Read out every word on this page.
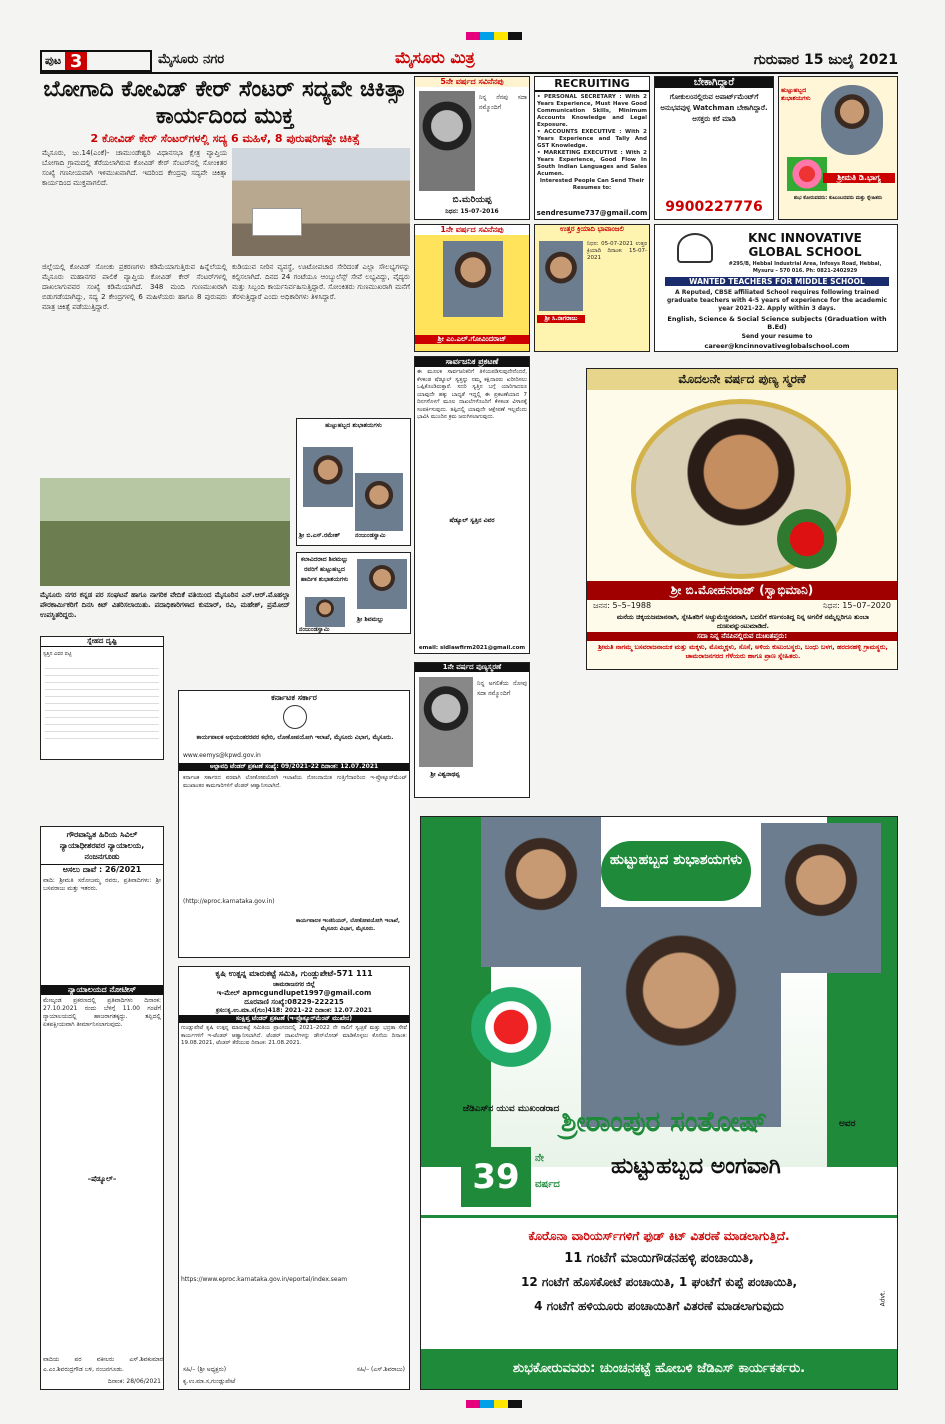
ಪುಟ 3	ಮೈಸೂರು ನಗರ	ಮೈಸೂರು ಮಿತ್ರ	ಗುರುವಾರ 15 ಜುಲೈ 2021
ಬೋಗಾದಿ ಕೋವಿಡ್ ಕೇರ್ ಸೆಂಟರ್ ಸದ್ಯವೇ ಚಿಕಿತ್ಸಾ ಕಾರ್ಯದಿಂದ ಮುಕ್ತ
2 ಕೋವಿಡ್ ಕೇರ್ ಸೆಂಟರ್‌ಗಳಲ್ಲಿ ಸದ್ಯ 6 ಮಹಿಳೆ, 8 ಪುರುಷರಿಗಷ್ಟೇ ಚಿಕಿತ್ಸೆ
ಮೈಸೂರು, ಜು.14(ಎಂಕೆ)- ಚಾಮುಂಡೇಶ್ವರಿ ವಿಧಾನಸಭಾ ಕ್ಷೇತ್ರ ವ್ಯಾಪ್ತಿಯ ಬೋಗಾದಿ ಗ್ರಾಮದಲ್ಲಿ ತೆರೆಯಲಾಗಿರುವ ಕೋವಿಡ್ ಕೇರ್ ಸೆಂಟರ್‌ನಲ್ಲಿ ಸೋಂಕಿತರ ಸಂಖ್ಯೆ ಗಣನೀಯವಾಗಿ ಇಳಿಮುಖವಾಗಿದೆ. ಇದರಿಂದ ಕೇಂದ್ರವು ಸದ್ಯವೇ ಚಿಕಿತ್ಸಾ ಕಾರ್ಯದಿಂದ ಮುಕ್ತವಾಗಲಿದೆ.
ಜಿಲ್ಲೆಯಲ್ಲಿ ಕೋವಿಡ್ ಸೋಂಕು ಪ್ರಕರಣಗಳು ಕಡಿಮೆಯಾಗುತ್ತಿರುವ ಹಿನ್ನೆಲೆಯಲ್ಲಿ ಮೈಸೂರು ಮಹಾನಗರ ಪಾಲಿಕೆ ವ್ಯಾಪ್ತಿಯ ಕೋವಿಡ್ ಕೇರ್ ಸೆಂಟರ್‌ಗಳಲ್ಲಿ ದಾಖಲಾಗುವವರ ಸಂಖ್ಯೆ ಕಡಿಮೆಯಾಗಿದೆ. 348 ಮಂದಿ ಗುಣಮುಖರಾಗಿ ಬಿಡುಗಡೆಯಾಗಿದ್ದು, ಸದ್ಯ 2 ಕೇಂದ್ರಗಳಲ್ಲಿ 6 ಮಹಿಳೆಯರು ಹಾಗೂ 8 ಪುರುಷರು ಮಾತ್ರ ಚಿಕಿತ್ಸೆ ಪಡೆಯುತ್ತಿದ್ದಾರೆ.
ಕುಡಿಯುವ ನೀರಿನ ವ್ಯವಸ್ಥೆ, ಊಟೋಪಚಾರ ಸೇರಿದಂತೆ ಎಲ್ಲಾ ಸೌಲಭ್ಯಗಳನ್ನು ಕಲ್ಪಿಸಲಾಗಿದೆ. ದಿನದ 24 ಗಂಟೆಯೂ ಆಂಬ್ಯುಲೆನ್ಸ್ ಸೇವೆ ಲಭ್ಯವಿದ್ದು, ವೈದ್ಯರು ಮತ್ತು ಸಿಬ್ಬಂದಿ ಕಾರ್ಯನಿರ್ವಹಿಸುತ್ತಿದ್ದಾರೆ. ಸೋಂಕಿತರು ಗುಣಮುಖರಾಗಿ ಮನೆಗೆ ತೆರಳುತ್ತಿದ್ದಾರೆ ಎಂದು ಅಧಿಕಾರಿಗಳು ತಿಳಿಸಿದ್ದಾರೆ.
ಮೈಸೂರು ನಗರ ಕನ್ನಡ ಪರ ಸಂಘಟನೆ ಹಾಗೂ ನಾಗರಿಕ ವೇದಿಕೆ ವತಿಯಿಂದ ಮೈಸೂರಿನ ಎನ್.ಆರ್.ಮೊಹಲ್ಲಾ ಪೌರಕಾರ್ಮಿಕರಿಗೆ ದಿನಸಿ ಕಿಟ್ ವಿತರಿಸಲಾಯಿತು. ಪದಾಧಿಕಾರಿಗಳಾದ ಕುಮಾರ್, ರವಿ, ಮಹೇಶ್, ಪ್ರಮೋದ್ ಉಪಸ್ಥಿತರಿದ್ದರು.
ಹುಟ್ಟುಹಬ್ಬದ ಶುಭಾಶಯಗಳು
ಶ್ರೀ ಬಿ.ಎಸ್.ರಮೇಶ್	ನಂಜುಂಡಸ್ವಾಮಿ
ಕಲಾವಿದರಾದ ಶಿವಮಲ್ಲು ರವರಿಗೆ ಹುಟ್ಟುಹಬ್ಬದ ಹಾರ್ದಿಕ ಶುಭಾಶಯಗಳು
ನಂಜುಂಡಸ್ವಾಮಿ
ಶ್ರೀ ಶಿವಮಲ್ಲು
5ನೇ ವರ್ಷದ ಸವಿನೆನಪು
ನಿನ್ನ ನೆನಪು ಸದಾ ನಮ್ಮೊಂದಿಗೆ
ಬಿ.ಮರಿಯಪ್ಪ
ನಿಧನ: 15-07-2016
RECRUITING
• PERSONAL SECRETARY : With 2 Years Experience, Must Have Good Communication Skills, Minimum Accounts Knowledge and Legal Exposure.
• ACCOUNTS EXECUTIVE : With 2 Years Experience and Tally And GST Knowledge.
• MARKETING EXECUTIVE : With 2 Years Experience, Good Flow In South Indian Languages and Sales Acumen.
Interested People Can Send Their Resumes to:
sendresume737@gmail.com
ಬೇಕಾಗಿದ್ದಾರೆ
ಗೋಕುಲಂನಲ್ಲಿರುವ ಅಪಾರ್ಟ್‌ಮೆಂಟ್‌ಗೆ ಅನುಭವವುಳ್ಳ Watchman ಬೇಕಾಗಿದ್ದಾರೆ. ಆಸಕ್ತರು ಕರೆ ಮಾಡಿ
9900227776
ಹುಟ್ಟುಹಬ್ಬದ ಶುಭಾಶಯಗಳು
ಶ್ರೀಮತಿ ಡಿ.ಭಾಗ್ಯ
ಶುಭ ಕೋರುವವರು: ಕುಟುಂಬದವರು ಮತ್ತು ಸ್ನೇಹಿತರು
1ನೇ ವರ್ಷದ ಸವಿನೆನಪು
ಶ್ರೀ ಎಂ.ಎಲ್.ಗೋವಿಂದರಾಜ್
ಉತ್ತರ ಕ್ರಿಯಾದಿ ಭಾವಾಂಜಲಿ
ನಿಧನ: 05-07-2021 ಉತ್ತರ ಕ್ರಿಯಾದಿ ದಿನಾಂಕ: 15-07-2021
ಶ್ರೀ ಸಿ.ನಾಗರಾಜು
KNC INNOVATIVE
GLOBAL SCHOOL
#295/B, Hebbal Industrial Area, Infosys Road, Hebbal, Mysuru – 570 016. Ph: 0821-2402929
WANTED TEACHERS FOR MIDDLE SCHOOL
A Reputed, CBSE affiliated School requires following trained graduate teachers with 4-5 years of experience for the academic year 2021-22. Apply within 3 days.
English, Science & Social Science subjects (Graduation with B.Ed)
Send your resume to
career@kncinnovativeglobalschool.com
ಸಾರ್ವಜನಿಕ ಪ್ರಕಟಣೆ
ಈ ಮೂಲಕ ಸಾರ್ವಜನಿಕರಿಗೆ ತಿಳಿಯಪಡಿಸುವುದೇನೆಂದರೆ, ಕೆಳಕಂಡ ಷೆಡ್ಯೂಲ್ ಸ್ವತ್ತನ್ನು ನಮ್ಮ ಕಕ್ಷಿದಾರರು ಖರೀದಿಸಲು ಒಪ್ಪಿಕೊಂಡಿರುತ್ತಾರೆ. ಸದರಿ ಸ್ವತ್ತಿನ ಬಗ್ಗೆ ಯಾರಿಗಾದರೂ ಯಾವುದೇ ಹಕ್ಕು ಬಾಧ್ಯತೆ ಇದ್ದಲ್ಲಿ ಈ ಪ್ರಕಟಣೆಯಾದ 7 ದಿನಗಳೊಳಗೆ ಮೂಲ ದಾಖಲೆಗಳೊಂದಿಗೆ ಕೆಳಕಂಡ ವಿಳಾಸಕ್ಕೆ ಸಂಪರ್ಕಿಸುವುದು. ತಪ್ಪಿದಲ್ಲಿ ಯಾವುದೇ ಆಕ್ಷೇಪಣೆ ಇಲ್ಲವೆಂದು ಭಾವಿಸಿ ಮುಂದಿನ ಕ್ರಮ ಜರುಗಿಸಲಾಗುವುದು.
ಷೆಡ್ಯೂಲ್ ಸ್ವತ್ತಿನ ವಿವರ
email: sidlawfirm2021@gmail.com
ಮೊದಲನೇ ವರ್ಷದ ಪುಣ್ಯ ಸ್ಮರಣೆ
ಶ್ರೀ ಬಿ.ಮೋಹನರಾಜ್ (ಸ್ವಾಭಿಮಾನಿ)
ಜನನ: 5–5–1988	ನಿಧನ: 15–07–2020
ಮನೆಯ ಚಿಕ್ಕಯಜಮಾನನಾಗಿ, ಸ್ನೇಹಿತರಿಗೆ ಅಚ್ಚುಮೆಚ್ಚಿನವನಾಗಿ, ಬದಲಿಗೆ ಕರ್ಣನಂತಿದ್ದ ನಿನ್ನ ಅಗಲಿಕೆ ನಮ್ಮೆಲ್ಲರಿಗೂ ತುಂಬಾ ದುಃಖವನ್ನುಂಟುಮಾಡಿದೆ.
ಸದಾ ನಿನ್ನ ನೆನಪಿನಲ್ಲಿರುವ ದುಃಖತಪ್ತರು:
ಶ್ರೀಮತಿ ನಾಗಮ್ಮ ಬಸವರಾಜನಾಯಕ ಮತ್ತು ಮಕ್ಕಳು, ಮೊಮ್ಮಕ್ಕಳು, ಸೊಸೆ, ಅಳಿಯ ಕುಟುಂಬಸ್ಥರು, ಬಂಧು ಬಳಗ, ಹರದನಹಳ್ಳಿ ಗ್ರಾಮಸ್ಥರು, ಚಾಮರಾಜನಗರದ ಗೆಳೆಯರು ಹಾಗೂ ಪ್ರಾಣ ಸ್ನೇಹಿತರು.
ಸ್ನೇಹದ ದೃಷ್ಟಿ
ಸ್ವತ್ತಿನ ವಿವರ ಪಟ್ಟಿ
1ನೇ ವರ್ಷದ ಪುಣ್ಯಸ್ಮರಣೆ
ನಿನ್ನ ಅಗಲಿಕೆಯ ನೋವು ಸದಾ ನಮ್ಮೊಂದಿಗೆ
ಶ್ರೀ ವಿಶ್ವನಾಥಪ್ಪ
ಕರ್ನಾಟಕ ಸರ್ಕಾರ
ಕಾರ್ಯಪಾಲಕ ಅಭಿಯಂತರರವರ ಕಛೇರಿ, ಲೋಕೋಪಯೋಗಿ ಇಲಾಖೆ, ಮೈಸೂರು ವಿಭಾಗ, ಮೈಸೂರು.
www.eemys@kpwd.gov.in
ಅಲ್ಪಾವಧಿ ಟೆಂಡರ್ ಪ್ರಕಟಣೆ ಸಂಖ್ಯೆ: 09/2021-22 ದಿನಾಂಕ: 12.07.2021
ಕರ್ನಾಟಕ ಸರ್ಕಾರದ ಪರವಾಗಿ ಲೋಕೋಪಯೋಗಿ ಇಲಾಖೆಯ ನೋಂದಾಯಿತ ಗುತ್ತಿಗೆದಾರರಿಂದ ಇ-ಪ್ರೊಕ್ಯೂರ್‌ಮೆಂಟ್ ಮುಖಾಂತರ ಕಾಮಗಾರಿಗಳಿಗೆ ಟೆಂಡರ್ ಆಹ್ವಾನಿಸಲಾಗಿದೆ.
(http://eproc.karnataka.gov.in)
ಕಾರ್ಯಪಾಲಕ ಇಂಜಿನಿಯರ್, ಲೋಕೋಪಯೋಗಿ ಇಲಾಖೆ, ಮೈಸೂರು ವಿಭಾಗ, ಮೈಸೂರು.
ಗೌರವಾನ್ವಿತ ಹಿರಿಯ ಸಿವಿಲ್ ನ್ಯಾಯಾಧೀಶರವರ ನ್ಯಾಯಾಲಯ, ನಂಜನಗೂಡು
ಅಸಲು ದಾವೆ : 26/2021
ವಾದಿ: ಶ್ರೀಮತಿ ಸರೋಜಮ್ಮ ರವರು, ಪ್ರತಿವಾದಿಗಳು: ಶ್ರೀ ಬಸವರಾಜು ಮತ್ತು ಇತರರು.
ನ್ಯಾಯಾಲಯದ ನೋಟೀಸ್
ಮೇಲ್ಕಂಡ ಪ್ರಕರಣದಲ್ಲಿ ಪ್ರತಿವಾದಿಗಳು ದಿನಾಂಕ: 27.10.2021 ರಂದು ಬೆಳಿಗ್ಗೆ 11.00 ಗಂಟೆಗೆ ನ್ಯಾಯಾಲಯದಲ್ಲಿ ಹಾಜರಾಗತಕ್ಕದ್ದು. ತಪ್ಪಿದಲ್ಲಿ ಏಕಪಕ್ಷೀಯವಾಗಿ ತೀರ್ಮಾನಿಸಲಾಗುವುದು.
–ಷೆಡ್ಯೂಲ್–
ವಾದಿಯ ಪರ ವಕೀಲರು ಎಸ್.ಶಿವಕುಮಾರ ಎ.ಎಂ.ಶಿವರುದ್ರಗೌಡ ಬಳಿ, ನಂಜನಗೂಡು.
ದಿನಾಂಕ: 28/06/2021
ಕೃಷಿ ಉತ್ಪನ್ನ ಮಾರುಕಟ್ಟೆ ಸಮಿತಿ, ಗುಂಡ್ಲುಪೇಟೆ-571 111
ಚಾಮರಾಜನಗರ ಜಿಲ್ಲೆ
ಇ-ಮೇಲ್ apmcgundlupet1997@gmail.com
ದೂರವಾಣಿ ಸಂಖ್ಯೆ:08229-222215
ಕ್ರಸಂ:ಕೃ.ಉ.ಮಾ.ಸ(ಗುಂ)418: 2021–22 ದಿನಾಂಕ: 12.07.2021
ಸಂಕ್ಷಿಪ್ತ ಟೆಂಡರ್ ಪ್ರಕಟಣೆ (ಇ-ಪ್ರೊಕ್ಯೂರ್‌ಮೆಂಟ್ ಮುಖೇನ)
ಗುಂಡ್ಲುಪೇಟೆ ಕೃಷಿ ಉತ್ಪನ್ನ ಮಾರುಕಟ್ಟೆ ಸಮಿತಿಯ ಪ್ರಾಂಗಣದಲ್ಲಿ 2021–2022 ನೇ ಸಾಲಿಗೆ ಸ್ವಚ್ಛತೆ ಮತ್ತು ಭದ್ರತಾ ಸೇವೆ ಕಾರ್ಯಗಳಿಗೆ ಇ-ಟೆಂಡರ್ ಆಹ್ವಾನಿಸಲಾಗಿದೆ. ಟೆಂಡರ್ ದಾಖಲೆಗಳನ್ನು ಡೌನ್‌ಲೋಡ್ ಮಾಡಿಕೊಳ್ಳಲು ಕೊನೆಯ ದಿನಾಂಕ: 19.08.2021, ಟೆಂಡರ್ ತೆರೆಯುವ ದಿನಾಂಕ: 21.08.2021.
https://www.eproc.karnataka.gov.in/eportal/index.seam
ಸಹಿ/– (ಶ್ರೀ ಅಧ್ಯಕ್ಷರು)	ಸಹಿ/– (ಎಸ್.ಶಿವರಾಜು)
ಕೃ.ಉ.ಮಾ.ಸ,ಗುಂಡ್ಲುಪೇಟೆ
ಹುಟ್ಟುಹಬ್ಬದ ಶುಭಾಶಯಗಳು
ಜೆಡಿಎಸ್‌ನ ಯುವ ಮುಖಂಡರಾದ ಶ್ರೀರಾಂಪುರ ಸಂತೋಷ್	ಅವರ
39	ನೇ
ವರ್ಷದ
ಹುಟ್ಟುಹಬ್ಬದ ಅಂಗವಾಗಿ
ಕೊರೊನಾ ವಾರಿಯರ್ಸ್‌ಗಳಿಗೆ ಫುಡ್ ಕಿಟ್ ವಿತರಣೆ ಮಾಡಲಾಗುತ್ತಿದೆ.
11 ಗಂಟೆಗೆ ಮಾಯಿಗೌಡನಹಳ್ಳಿ ಪಂಚಾಯಿತಿ,
12 ಗಂಟೆಗೆ ಹೊಸಕೋಟೆ ಪಂಚಾಯಿತಿ, 1 ಘಂಟೆಗೆ ಕುಪ್ಪೆ ಪಂಚಾಯಿತಿ,
4 ಗಂಟೆಗೆ ಹಳಿಯೂರು ಪಂಚಾಯಿತಿಗೆ ವಿತರಣೆ ಮಾಡಲಾಗುವುದು	Advt.
ಶುಭಕೋರುವವರು: ಚುಂಚನಕಟ್ಟೆ ಹೋಬಳಿ ಜೆಡಿಎಸ್ ಕಾರ್ಯಕರ್ತರು.
